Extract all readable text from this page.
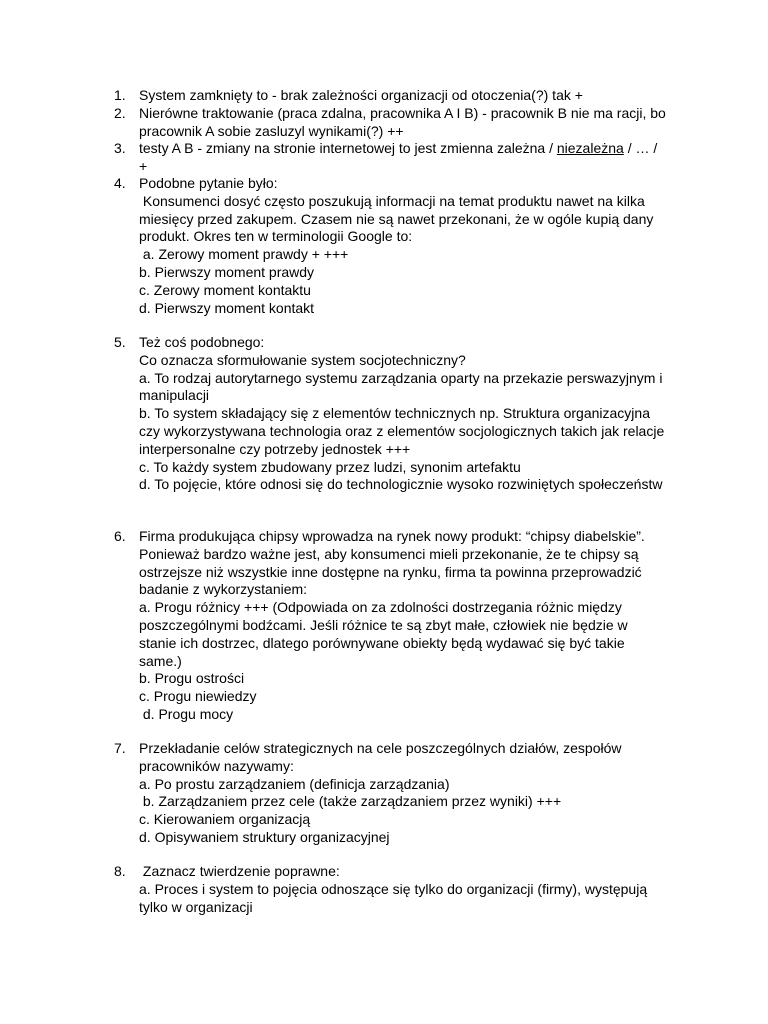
1. System zamknięty to - brak zależności organizacji od otoczenia(?) tak +
2. Nierówne traktowanie (praca zdalna, pracownika A I B) - pracownik B nie ma racji, bo
pracownik A sobie zasluzyl wynikami(?) ++
3. testy A B - zmiany na stronie internetowej to jest zmienna zależna / niezależna / … /
+
4. Podobne pytanie było:
Konsumenci dosyć często poszukują informacji na temat produktu nawet na kilka
miesięcy przed zakupem. Czasem nie są nawet przekonani, że w ogóle kupią dany
produkt. Okres ten w terminologii Google to:
a. Zerowy moment prawdy + +++
b. Pierwszy moment prawdy
c. Zerowy moment kontaktu
d. Pierwszy moment kontakt
5. Też coś podobnego:
Co oznacza sformułowanie system socjotechniczny?
a. To rodzaj autorytarnego systemu zarządzania oparty na przekazie perswazyjnym i
manipulacji
b. To system składający się z elementów technicznych np. Struktura organizacyjna
czy wykorzystywana technologia oraz z elementów socjologicznych takich jak relacje
interpersonalne czy potrzeby jednostek +++
c. To każdy system zbudowany przez ludzi, synonim artefaktu
d. To pojęcie, które odnosi się do technologicznie wysoko rozwiniętych społeczeństw
6. Firma produkująca chipsy wprowadza na rynek nowy produkt: “chipsy diabelskie”.
Ponieważ bardzo ważne jest, aby konsumenci mieli przekonanie, że te chipsy są
ostrzejsze niż wszystkie inne dostępne na rynku, firma ta powinna przeprowadzić
badanie z wykorzystaniem:
a. Progu różnicy +++ (Odpowiada on za zdolności dostrzegania różnic między
poszczególnymi bodźcami. Jeśli różnice te są zbyt małe, człowiek nie będzie w
stanie ich dostrzec, dlatego porównywane obiekty będą wydawać się być takie
same.)
b. Progu ostrości
c. Progu niewiedzy
d. Progu mocy
7. Przekładanie celów strategicznych na cele poszczególnych działów, zespołów
pracowników nazywamy:
a. Po prostu zarządzaniem (definicja zarządzania)
b. Zarządzaniem przez cele (także zarządzaniem przez wyniki) +++
c. Kierowaniem organizacją
d. Opisywaniem struktury organizacyjnej
8. Zaznacz twierdzenie poprawne:
a. Proces i system to pojęcia odnoszące się tylko do organizacji (firmy), występują
tylko w organizacji
